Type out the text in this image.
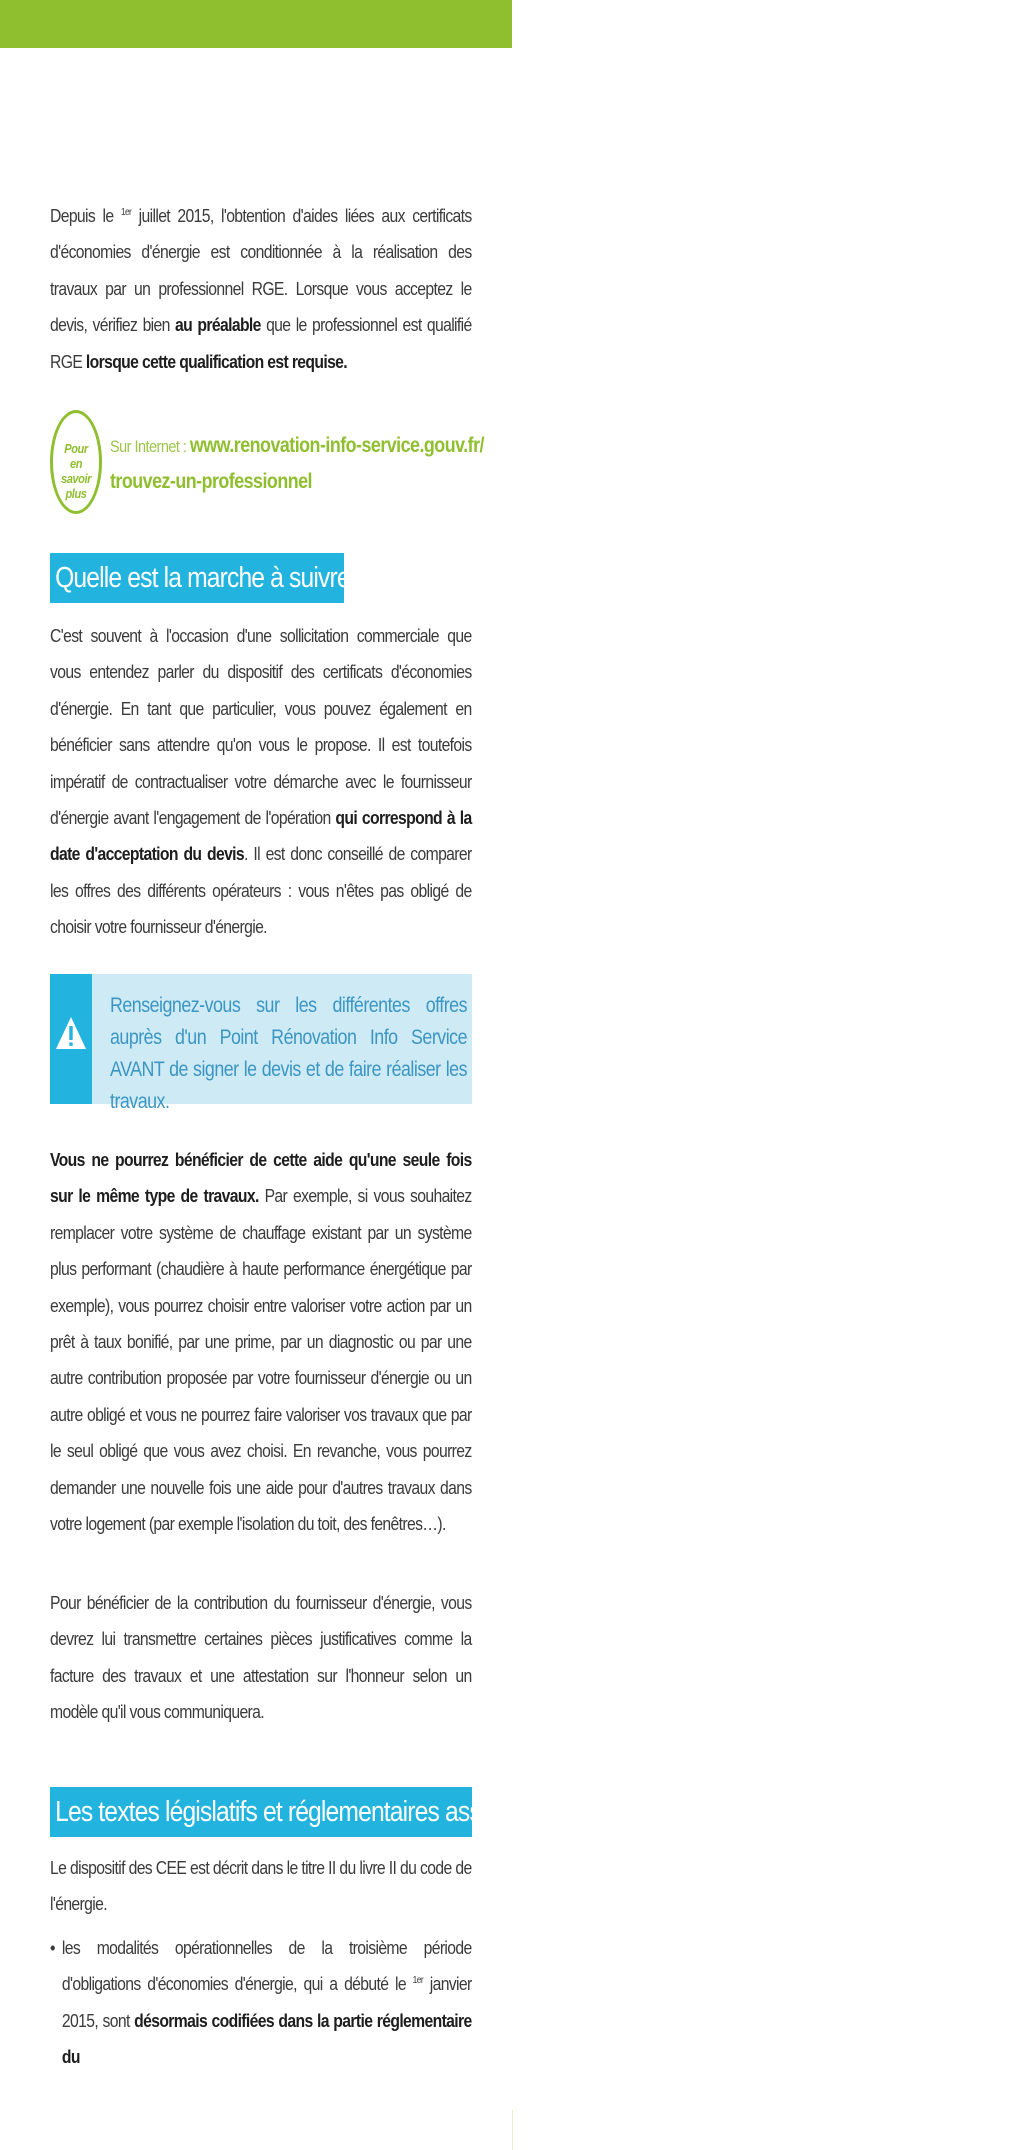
Depuis le $^{1er}$ juillet 2015, l'obtention d'aides liées aux certificats d'économies d'énergie est conditionnée à la réalisation des travaux par un professionnel RGE. Lorsque vous acceptez le devis, vérifiez bien au préalable que le professionnel est qualifié RGE lorsque cette qualification est requise.

Pour
en savoir
plus
Sur Internet : www.renovation-info-service.gouv.fr/
trouvez-un-professionnel
Quelle est la marche à suivre ?

C'est souvent à l'occasion d'une sollicitation commerciale que vous entendez parler du dispositif des certificats d'économies d'énergie. En tant que particulier, vous pouvez également en bénéficier sans attendre qu'on vous le propose. Il est toutefois impératif de contractualiser votre démarche avec le fournisseur d'énergie avant l'engagement de l'opération qui correspond à la date d'acceptation du devis. Il est donc conseillé de comparer les offres des différents opérateurs : vous n'êtes pas obligé de choisir votre fournisseur d'énergie.

Renseignez-vous sur les différentes offres auprès d'un Point Rénovation Info Service AVANT de signer le devis et de faire réaliser les travaux.

Vous ne pourrez bénéficier de cette aide qu'une seule fois sur le même type de travaux. Par exemple, si vous souhaitez remplacer votre système de chauffage existant par un système plus performant (chaudière à haute performance énergétique par exemple), vous pourrez choisir entre valoriser votre action par un prêt à taux bonifié, par une prime, par un diagnostic ou par une autre contribution proposée par votre fournisseur d'énergie ou un autre obligé et vous ne pourrez faire valoriser vos travaux que par le seul obligé que vous avez choisi. En revanche, vous pourrez demander une nouvelle fois une aide pour d'autres travaux dans votre logement (par exemple l'isolation du toit, des fenêtres…).

Pour bénéficier de la contribution du fournisseur d'énergie, vous devrez lui transmettre certaines pièces justificatives comme la facture des travaux et une attestation sur l'honneur selon un modèle qu'il vous communiquera.

Les textes législatifs et réglementaires associés

Le dispositif des CEE est décrit dans le titre II du livre II du code de l'énergie.

• les modalités opérationnelles de la troisième période d'obligations d'économies d'énergie, qui a débuté le $^{1er}$ janvier 2015, sont désormais codifiées dans la partie réglementaire du
